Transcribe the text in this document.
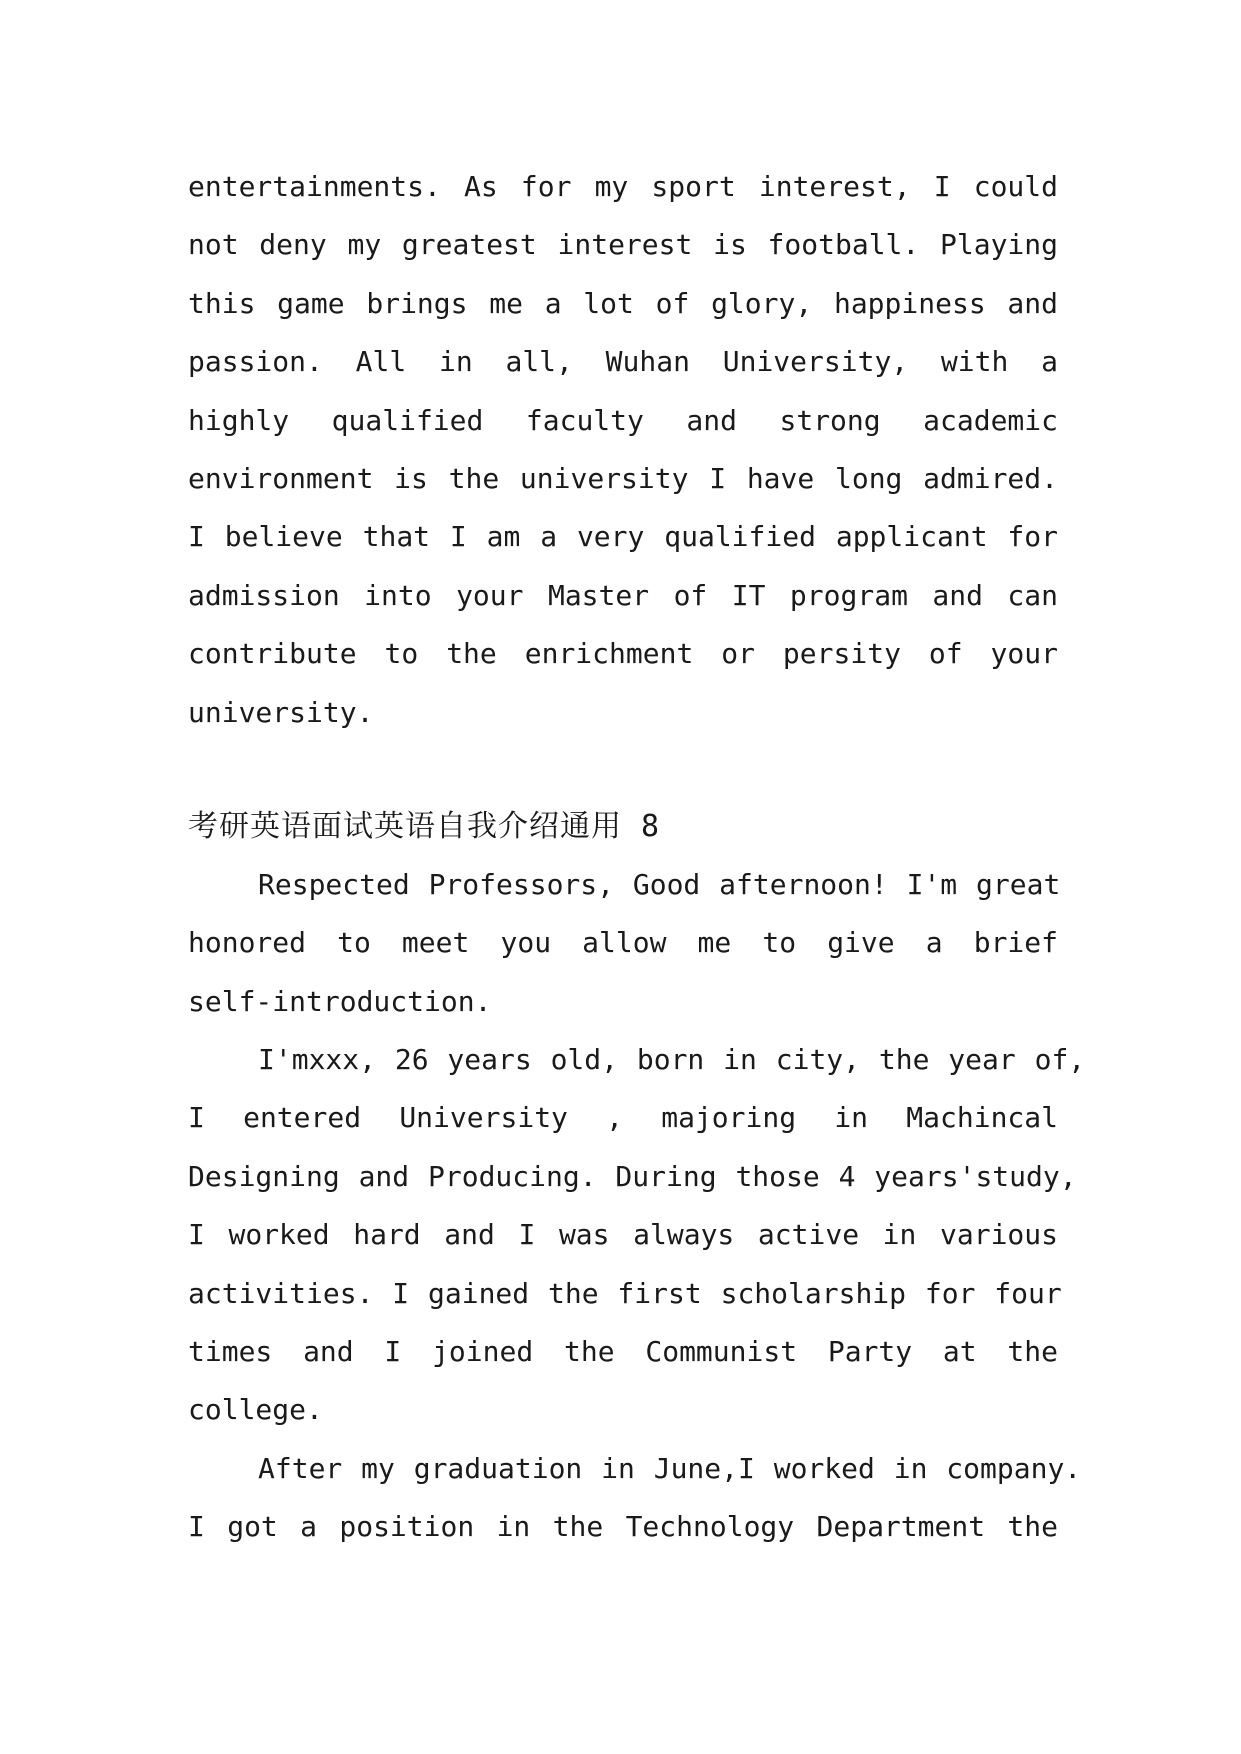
entertainments. As for my sport interest, I could
not deny my greatest interest is football. Playing
this game brings me a lot of glory, happiness and
passion. All in all, Wuhan University, with a
highly qualified faculty and strong academic
environment is the university I have long admired.
I believe that I am a very qualified applicant for
admission into your Master of IT program and can
contribute to the enrichment or persity of your
university.
考研英语面试英语自我介绍通用 8
Respected Professors, Good afternoon! I'm great
honored to meet you allow me to give a brief
self-introduction.
I'mxxx, 26 years old, born in city, the year of,
I entered University , majoring in Machincal
Designing and Producing. During those 4 years'study,
I worked hard and I was always active in various
activities. I gained the first scholarship for four
times and I joined the Communist Party at the
college.
After my graduation in June,I worked in company.
I got a position in the Technology Department the
